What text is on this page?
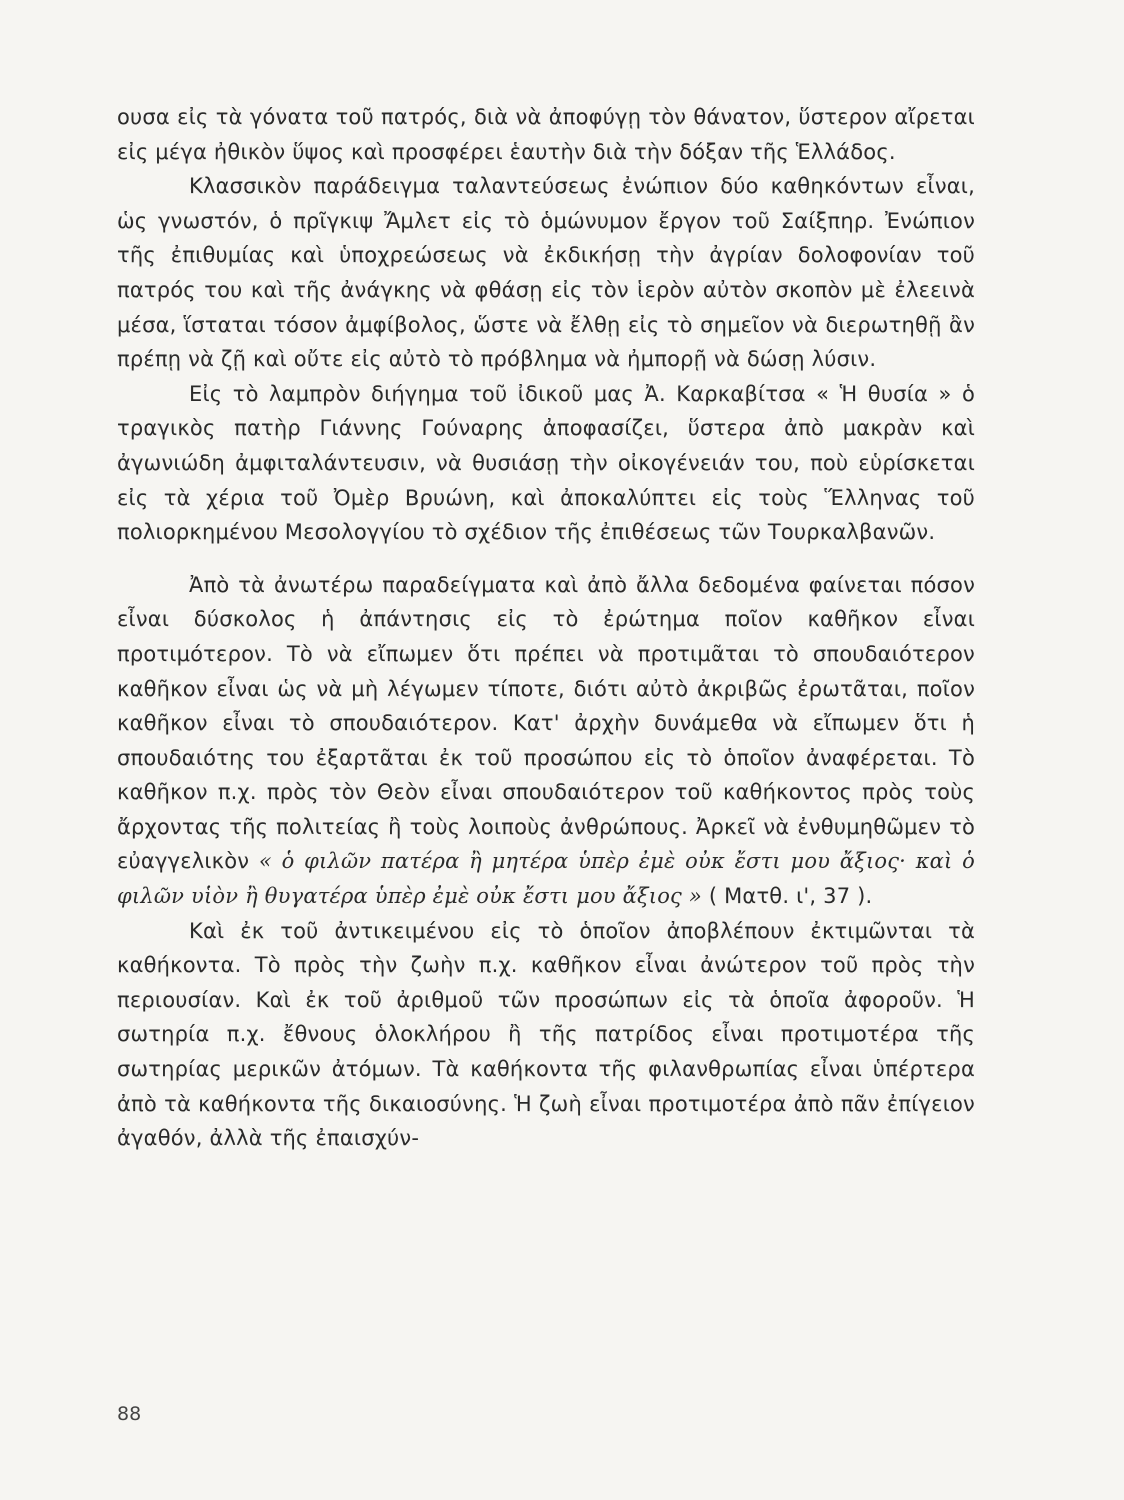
ουσα εἰς τὰ γόνατα τοῦ πατρός, διὰ νὰ ἀποφύγῃ τὸν θάνατον, ὕστερον αἴρεται εἰς μέγα ἠθικὸν ὕψος καὶ προσφέρει ἑαυτὴν διὰ τὴν δόξαν τῆς Ἑλλάδος.

Κλασσικὸν παράδειγμα ταλαντεύσεως ἐνώπιον δύο καθηκόντων εἶναι, ὡς γνωστόν, ὁ πρῖγκιψ Ἄμλετ εἰς τὸ ὁμώνυμον ἔργον τοῦ Σαίξπηρ. Ἐνώπιον τῆς ἐπιθυμίας καὶ ὑποχρεώσεως νὰ ἐκδικήσῃ τὴν ἀγρίαν δολοφονίαν τοῦ πατρός του καὶ τῆς ἀνάγκης νὰ φθάσῃ εἰς τὸν ἱερὸν αὐτὸν σκοπὸν μὲ ἐλεεινὰ μέσα, ἵσταται τόσον ἀμφίβολος, ὥστε νὰ ἔλθῃ εἰς τὸ σημεῖον νὰ διερωτηθῇ ἂν πρέπῃ νὰ ζῇ καὶ οὔτε εἰς αὐτὸ τὸ πρόβλημα νὰ ἠμπορῇ νὰ δώσῃ λύσιν.

Εἰς τὸ λαμπρὸν διήγημα τοῦ ἰδικοῦ μας Ἀ. Καρκαβίτσα « Ἡ θυσία » ὁ τραγικὸς πατὴρ Γιάννης Γούναρης ἀποφασίζει, ὕστερα ἀπὸ μακρὰν καὶ ἀγωνιώδη ἀμφιταλάντευσιν, νὰ θυσιάσῃ τὴν οἰκογένειάν του, ποὺ εὑρίσκεται εἰς τὰ χέρια τοῦ Ὀμὲρ Βρυώνη, καὶ ἀποκαλύπτει εἰς τοὺς Ἕλληνας τοῦ πολιορκημένου Μεσολογγίου τὸ σχέδιον τῆς ἐπιθέσεως τῶν Τουρκαλβανῶν.

Ἀπὸ τὰ ἀνωτέρω παραδείγματα καὶ ἀπὸ ἄλλα δεδομένα φαίνεται πόσον εἶναι δύσκολος ἡ ἀπάντησις εἰς τὸ ἐρώτημα ποῖον καθῆκον εἶναι προτιμότερον. Τὸ νὰ εἴπωμεν ὅτι πρέπει νὰ προτιμᾶται τὸ σπουδαιότερον καθῆκον εἶναι ὡς νὰ μὴ λέγωμεν τίποτε, διότι αὐτὸ ἀκριβῶς ἐρωτᾶται, ποῖον καθῆκον εἶναι τὸ σπουδαιότερον. Κατ' ἀρχὴν δυνάμεθα νὰ εἴπωμεν ὅτι ἡ σπουδαιότης του ἐξαρτᾶται ἐκ τοῦ προσώπου εἰς τὸ ὁποῖον ἀναφέρεται. Τὸ καθῆκον π.χ. πρὸς τὸν Θεὸν εἶναι σπουδαιότερον τοῦ καθήκοντος πρὸς τοὺς ἄρχοντας τῆς πολιτείας ἢ τοὺς λοιποὺς ἀνθρώπους. Ἀρκεῖ νὰ ἐνθυμηθῶμεν τὸ εὐαγγελικὸν « ὁ φιλῶν πατέρα ἢ μητέρα ὑπὲρ ἐμὲ οὐκ ἔστι μου ἄξιος· καὶ ὁ φιλῶν υἱὸν ἢ θυγατέρα ὑπὲρ ἐμὲ οὐκ ἔστι μου ἄξιος » ( Ματθ. ι', 37 ).

Καὶ ἐκ τοῦ ἀντικειμένου εἰς τὸ ὁποῖον ἀποβλέπουν ἐκτιμῶνται τὰ καθήκοντα. Τὸ πρὸς τὴν ζωὴν π.χ. καθῆκον εἶναι ἀνώτερον τοῦ πρὸς τὴν περιουσίαν. Καὶ ἐκ τοῦ ἀριθμοῦ τῶν προσώπων εἰς τὰ ὁποῖα ἀφοροῦν. Ἡ σωτηρία π.χ. ἔθνους ὁλοκλήρου ἢ τῆς πατρίδος εἶναι προτιμοτέρα τῆς σωτηρίας μερικῶν ἀτόμων. Τὰ καθήκοντα τῆς φιλανθρωπίας εἶναι ὑπέρτερα ἀπὸ τὰ καθήκοντα τῆς δικαιοσύνης. Ἡ ζωὴ εἶναι προτιμοτέρα ἀπὸ πᾶν ἐπίγειον ἀγαθόν, ἀλλὰ τῆς ἐπαισχύν-

88
